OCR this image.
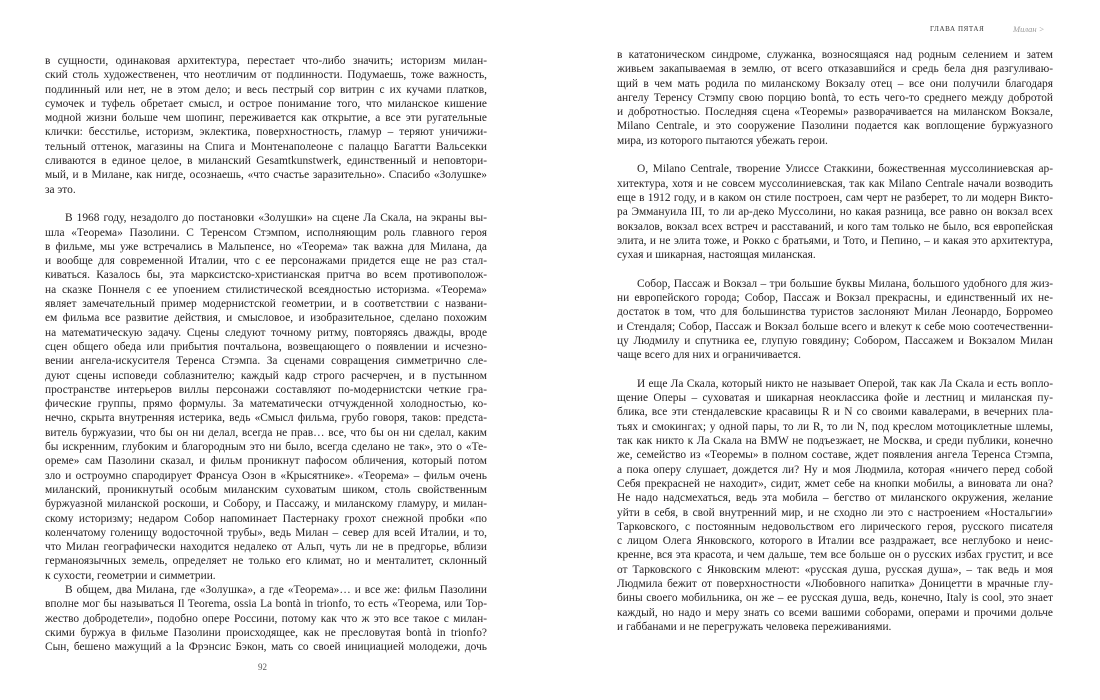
в сущности, одинаковая архитектура, перестает что-либо значить; историзм милан-
ский столь художественен, что неотличим от подлинности. Подумаешь, тоже важность,
подлинный или нет, не в этом дело; и весь пестрый сор витрин с их кучами платков,
сумочек и туфель обретает смысл, и острое понимание того, что миланское кишение
модной жизни больше чем шопинг, переживается как открытие, а все эти ругательные
клички: бесстилье, историзм, эклектика, поверхностность, гламур – теряют уничижи-
тельный оттенок, магазины на Спига и Монтенаполеоне с палаццо Багатти Вальсекки
сливаются в единое целое, в миланский Gesamtkunstwerk, единственный и неповтори-
мый, и в Милане, как нигде, осознаешь, «что счастье заразительно». Спасибо «Золушке»
за это.
В 1968 году, незадолго до постановки «Золушки» на сцене Ла Скала, на экраны вы-
шла «Теорема» Пазолини. С Теренсом Стэмпом, исполняющим роль главного героя
в фильме, мы уже встречались в Мальпенсе, но «Теорема» так важна для Милана, да
и вообще для современной Италии, что с ее персонажами придется еще не раз стал-
киваться. Казалось бы, эта марксистско-христианская притча во всем противополож-
на сказке Поннеля с ее упоением стилистической всеядностью историзма. «Теорема»
являет замечательный пример модернистской геометрии, и в соответствии с названи-
ем фильма все развитие действия, и смысловое, и изобразительное, сделано похожим
на математическую задачу. Сцены следуют точному ритму, повторяясь дважды, вроде
сцен общего обеда или прибытия почтальона, возвещающего о появлении и исчезно-
вении ангела-искусителя Теренса Стэмпа. За сценами совращения симметрично сле-
дуют сцены исповеди соблазнителю; каждый кадр строго расчерчен, и в пустынном
пространстве интерьеров виллы персонажи составляют по-модернистски четкие гра-
фические группы, прямо формулы. За математически отчужденной холодностью, ко-
нечно, скрыта внутренняя истерика, ведь «Смысл фильма, грубо говоря, таков: предста-
витель буржуазии, что бы он ни делал, всегда не прав… все, что бы он ни сделал, каким
бы искренним, глубоким и благородным это ни было, всегда сделано не так», это о «Те-
ореме» сам Пазолини сказал, и фильм проникнут пафосом обличения, который потом
зло и остроумно спародирует Франсуа Озон в «Крысятнике». «Теорема» – фильм очень
миланский, проникнутый особым миланским суховатым шиком, столь свойственным
буржуазной миланской роскоши, и Собору, и Пассажу, и миланскому гламуру, и милан-
скому историзму; недаром Собор напоминает Пастернаку грохот снежной пробки «по
коленчатому голенищу водосточной трубы», ведь Милан – север для всей Италии, и то,
что Милан географически находится недалеко от Альп, чуть ли не в предгорье, вблизи
германоязычных земель, определяет не только его климат, но и менталитет, склонный
к сухости, геометрии и симметрии.
В общем, два Милана, где «Золушка», а где «Теорема»… и все же: фильм Пазолини
вполне мог бы называться Il Teorema, ossia La bontà in trionfo, то есть «Теорема, или Тор-
жество добродетели», подобно опере Россини, потому как что ж это все такое с милан-
скими буржуа в фильме Пазолини происходящее, как не пресловутая bontà in trionfo?
Сын, бешено мажущий a la Фрэнсис Бэкон, мать со своей инициацией молодежи, дочь
92
ГЛАВА ПЯТАЯ	Милан >
в кататоническом синдроме, служанка, возносящаяся над родным селением и затем
живьем закапываемая в землю, от всего отказавшийся и средь бела дня разгуливаю-
щий в чем мать родила по миланскому Вокзалу отец – все они получили благодаря
ангелу Теренсу Стэмпу свою порцию bontà, то есть чего-то среднего между добротой
и добротностью. Последняя сцена «Теоремы» разворачивается на миланском Вокзале,
Milano Centrale, и это сооружение Пазолини подается как воплощение буржуазного
мира, из которого пытаются убежать герои.
О, Milano Centrale, творение Улиссе Стаккини, божественная муссолиниевская ар-
хитектура, хотя и не совсем муссолиниевская, так как Milano Centrale начали возводить
еще в 1912 году, и в каком он стиле построен, сам черт не разберет, то ли модерн Викто-
ра Эммануила III, то ли ар-деко Муссолини, но какая разница, все равно он вокзал всех
вокзалов, вокзал всех встреч и расставаний, и кого там только не было, вся европейская
элита, и не элита тоже, и Рокко с братьями, и Тото, и Пепино, – и какая это архитектура,
сухая и шикарная, настоящая миланская.
Собор, Пассаж и Вокзал – три большие буквы Милана, большого удобного для жиз-
ни европейского города; Собор, Пассаж и Вокзал прекрасны, и единственный их не-
достаток в том, что для большинства туристов заслоняют Милан Леонардо, Борромео
и Стендаля; Собор, Пассаж и Вокзал больше всего и влекут к себе мою соотечественни-
цу Людмилу и спутника ее, глупую говядину; Собором, Пассажем и Вокзалом Милан
чаще всего для них и ограничивается.
И еще Ла Скала, который никто не называет Оперой, так как Ла Скала и есть вопло-
щение Оперы – суховатая и шикарная неоклассика фойе и лестниц и миланская пу-
блика, все эти стендалевские красавицы R и N со своими кавалерами, в вечерних пла-
тьях и смокингах; у одной пары, то ли R, то ли N, под креслом мотоциклетные шлемы,
так как никто к Ла Скала на BMW не подъезжает, не Москва, и среди публики, конечно
же, семейство из «Теоремы» в полном составе, ждет появления ангела Теренса Стэмпа,
а пока оперу слушает, дождется ли? Ну и моя Людмила, которая «ничего перед собой
Себя прекрасней не находит», сидит, жмет себе на кнопки мобилы, а виновата ли она?
Не надо надсмехаться, ведь эта мобила – бегство от миланского окружения, желание
уйти в себя, в свой внутренний мир, и не сходно ли это с настроением «Ностальгии»
Тарковского, с постоянным недовольством его лирического героя, русского писателя
с лицом Олега Янковского, которого в Италии все раздражает, все неглубоко и неис-
кренне, вся эта красота, и чем дальше, тем все больше он о русских избах грустит, и все
от Тарковского с Янковским млеют: «русская душа, русская душа», – так ведь и моя
Людмила бежит от поверхностности «Любовного напитка» Доницетти в мрачные глу-
бины своего мобильника, он же – ее русская душа, ведь, конечно, Italy is cool, это знает
каждый, но надо и меру знать со всеми вашими соборами, операми и прочими дольче
и габбанами и не перегружать человека переживаниями.
